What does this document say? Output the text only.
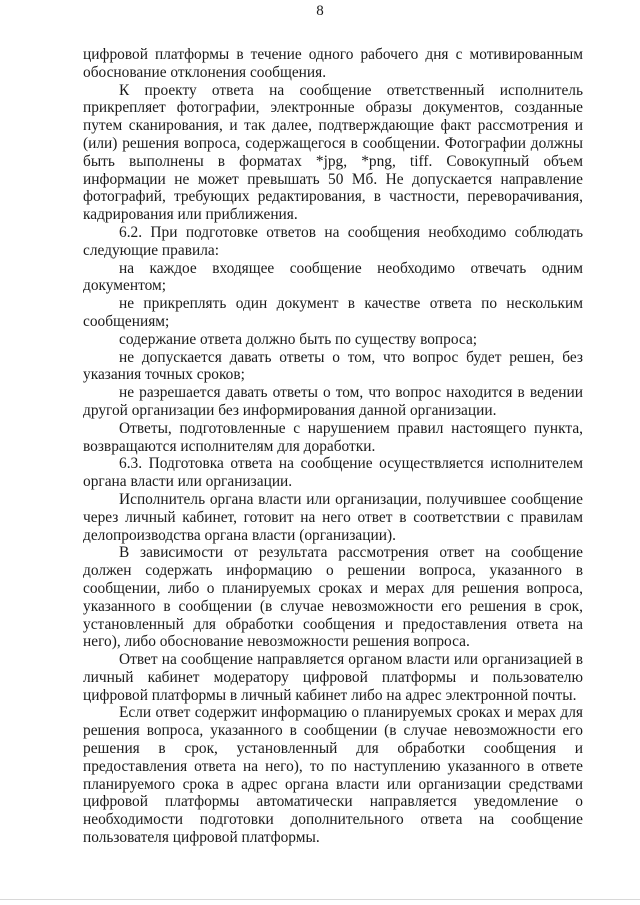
8

цифровой платформы в течение одного рабочего дня с мотивированным обоснование отклонения сообщения.

К проекту ответа на сообщение ответственный исполнитель прикрепляет фотографии, электронные образы документов, созданные путем сканирования, и так далее, подтверждающие факт рассмотрения и (или) решения вопроса, содержащегося в сообщении. Фотографии должны быть выполнены в форматах *jpg, *png, tiff. Совокупный объем информации не может превышать 50 Мб. Не допускается направление фотографий, требующих редактирования, в частности, переворачивания, кадрирования или приближения.

6.2. При подготовке ответов на сообщения необходимо соблюдать следующие правила:

на каждое входящее сообщение необходимо отвечать одним документом;

не прикреплять один документ в качестве ответа по нескольким сообщениям;

содержание ответа должно быть по существу вопроса;

не допускается давать ответы о том, что вопрос будет решен, без указания точных сроков;

не разрешается давать ответы о том, что вопрос находится в ведении другой организации без информирования данной организации.

Ответы, подготовленные с нарушением правил настоящего пункта, возвращаются исполнителям для доработки.

6.3. Подготовка ответа на сообщение осуществляется исполнителем органа власти или организации.

Исполнитель органа власти или организации, получившее сообщение через личный кабинет, готовит на него ответ в соответствии с правилам делопроизводства органа власти (организации).

В зависимости от результата рассмотрения ответ на сообщение должен содержать информацию о решении вопроса, указанного в сообщении, либо о планируемых сроках и мерах для решения вопроса, указанного в сообщении (в случае невозможности его решения в срок, установленный для обработки сообщения и предоставления ответа на него), либо обоснование невозможности решения вопроса.

Ответ на сообщение направляется органом власти или организацией в личный кабинет модератору цифровой платформы и пользователю цифровой платформы в личный кабинет либо на адрес электронной почты.

Если ответ содержит информацию о планируемых сроках и мерах для решения вопроса, указанного в сообщении (в случае невозможности его решения в срок, установленный для обработки сообщения и предоставления ответа на него), то по наступлению указанного в ответе планируемого срока в адрес органа власти или организации средствами цифровой платформы автоматически направляется уведомление о необходимости подготовки дополнительного ответа на сообщение пользователя цифровой платформы.
